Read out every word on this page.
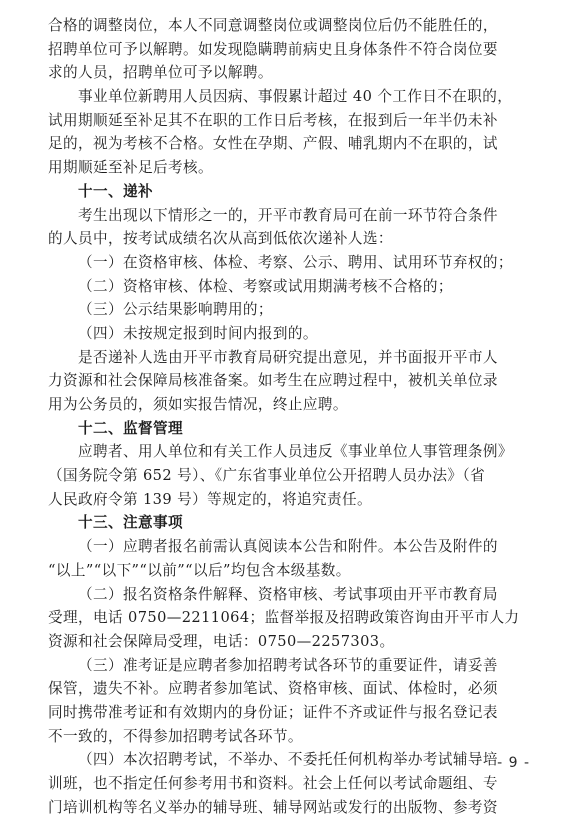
合格的调整岗位，本人不同意调整岗位或调整岗位后仍不能胜任的，
招聘单位可予以解聘。如发现隐瞒聘前病史且身体条件不符合岗位要
求的人员，招聘单位可予以解聘。
事业单位新聘用人员因病、事假累计超过 40 个工作日不在职的，
试用期顺延至补足其不在职的工作日后考核，在报到后一年半仍未补
足的，视为考核不合格。女性在孕期、产假、哺乳期内不在职的，试
用期顺延至补足后考核。
十一、递补
考生出现以下情形之一的，开平市教育局可在前一环节符合条件
的人员中，按考试成绩名次从高到低依次递补人选：
（一）在资格审核、体检、考察、公示、聘用、试用环节弃权的；
（二）资格审核、体检、考察或试用期满考核不合格的；
（三）公示结果影响聘用的；
（四）未按规定报到时间内报到的。
是否递补人选由开平市教育局研究提出意见，并书面报开平市人
力资源和社会保障局核准备案。如考生在应聘过程中，被机关单位录
用为公务员的，须如实报告情况，终止应聘。
十二、监督管理
应聘者、用人单位和有关工作人员违反《事业单位人事管理条例》
（国务院令第 652 号）、《广东省事业单位公开招聘人员办法》（省
人民政府令第 139 号）等规定的，将追究责任。
十三、注意事项
（一）应聘者报名前需认真阅读本公告和附件。本公告及附件的
“以上”“以下”“以前”“以后”均包含本级基数。
（二）报名资格条件解释、资格审核、考试事项由开平市教育局
受理，电话 0750—2211064；监督举报及招聘政策咨询由开平市人力
资源和社会保障局受理，电话：0750—2257303。
（三）准考证是应聘者参加招聘考试各环节的重要证件，请妥善
保管，遗失不补。应聘者参加笔试、资格审核、面试、体检时，必须
同时携带准考证和有效期内的身份证；证件不齐或证件与报名登记表
不一致的，不得参加招聘考试各环节。
（四）本次招聘考试，不举办、不委托任何机构举办考试辅导培
训班，也不指定任何参考用书和资料。社会上任何以考试命题组、专
门培训机构等名义举办的辅导班、辅导网站或发行的出版物、参考资
- 9 -
